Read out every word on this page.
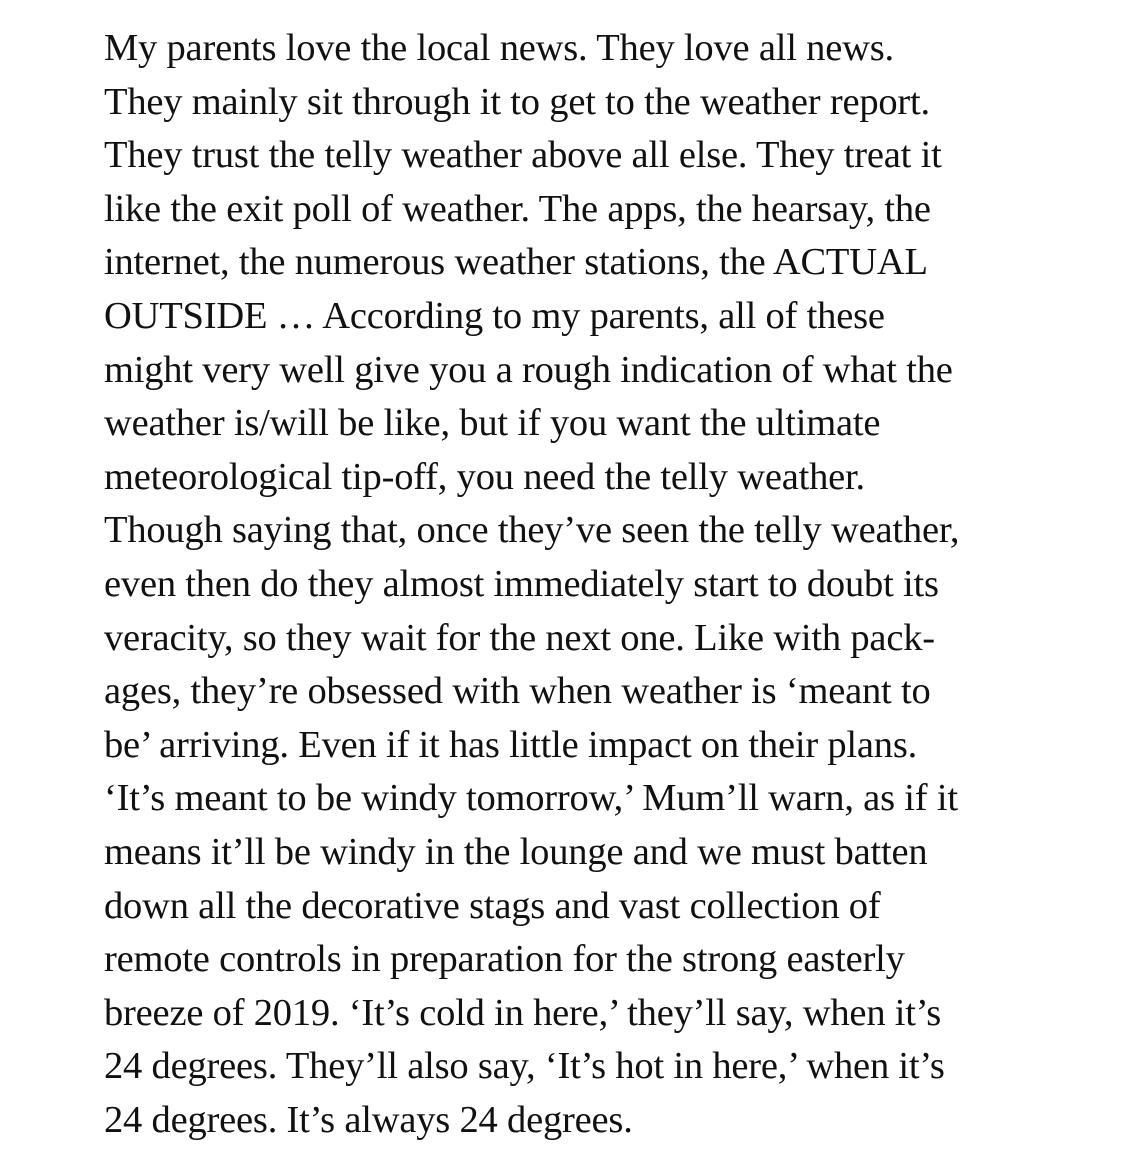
My parents love the local news. They love all news.
They mainly sit through it to get to the weather report.
They trust the telly weather above all else. They treat it
like the exit poll of weather. The apps, the hearsay, the
internet, the numerous weather stations, the ACTUAL
OUTSIDE … According to my parents, all of these
might very well give you a rough indication of what the
weather is/will be like, but if you want the ultimate
meteorological tip-off, you need the telly weather.
Though saying that, once they’ve seen the telly weather,
even then do they almost immediately start to doubt its
veracity, so they wait for the next one. Like with pack-
ages, they’re obsessed with when weather is ‘meant to
be’ arriving. Even if it has little impact on their plans.
‘It’s meant to be windy tomorrow,’ Mum’ll warn, as if it
means it’ll be windy in the lounge and we must batten
down all the decorative stags and vast collection of
remote controls in preparation for the strong easterly
breeze of 2019. ‘It’s cold in here,’ they’ll say, when it’s
24 degrees. They’ll also say, ‘It’s hot in here,’ when it’s
24 degrees. It’s always 24 degrees.
